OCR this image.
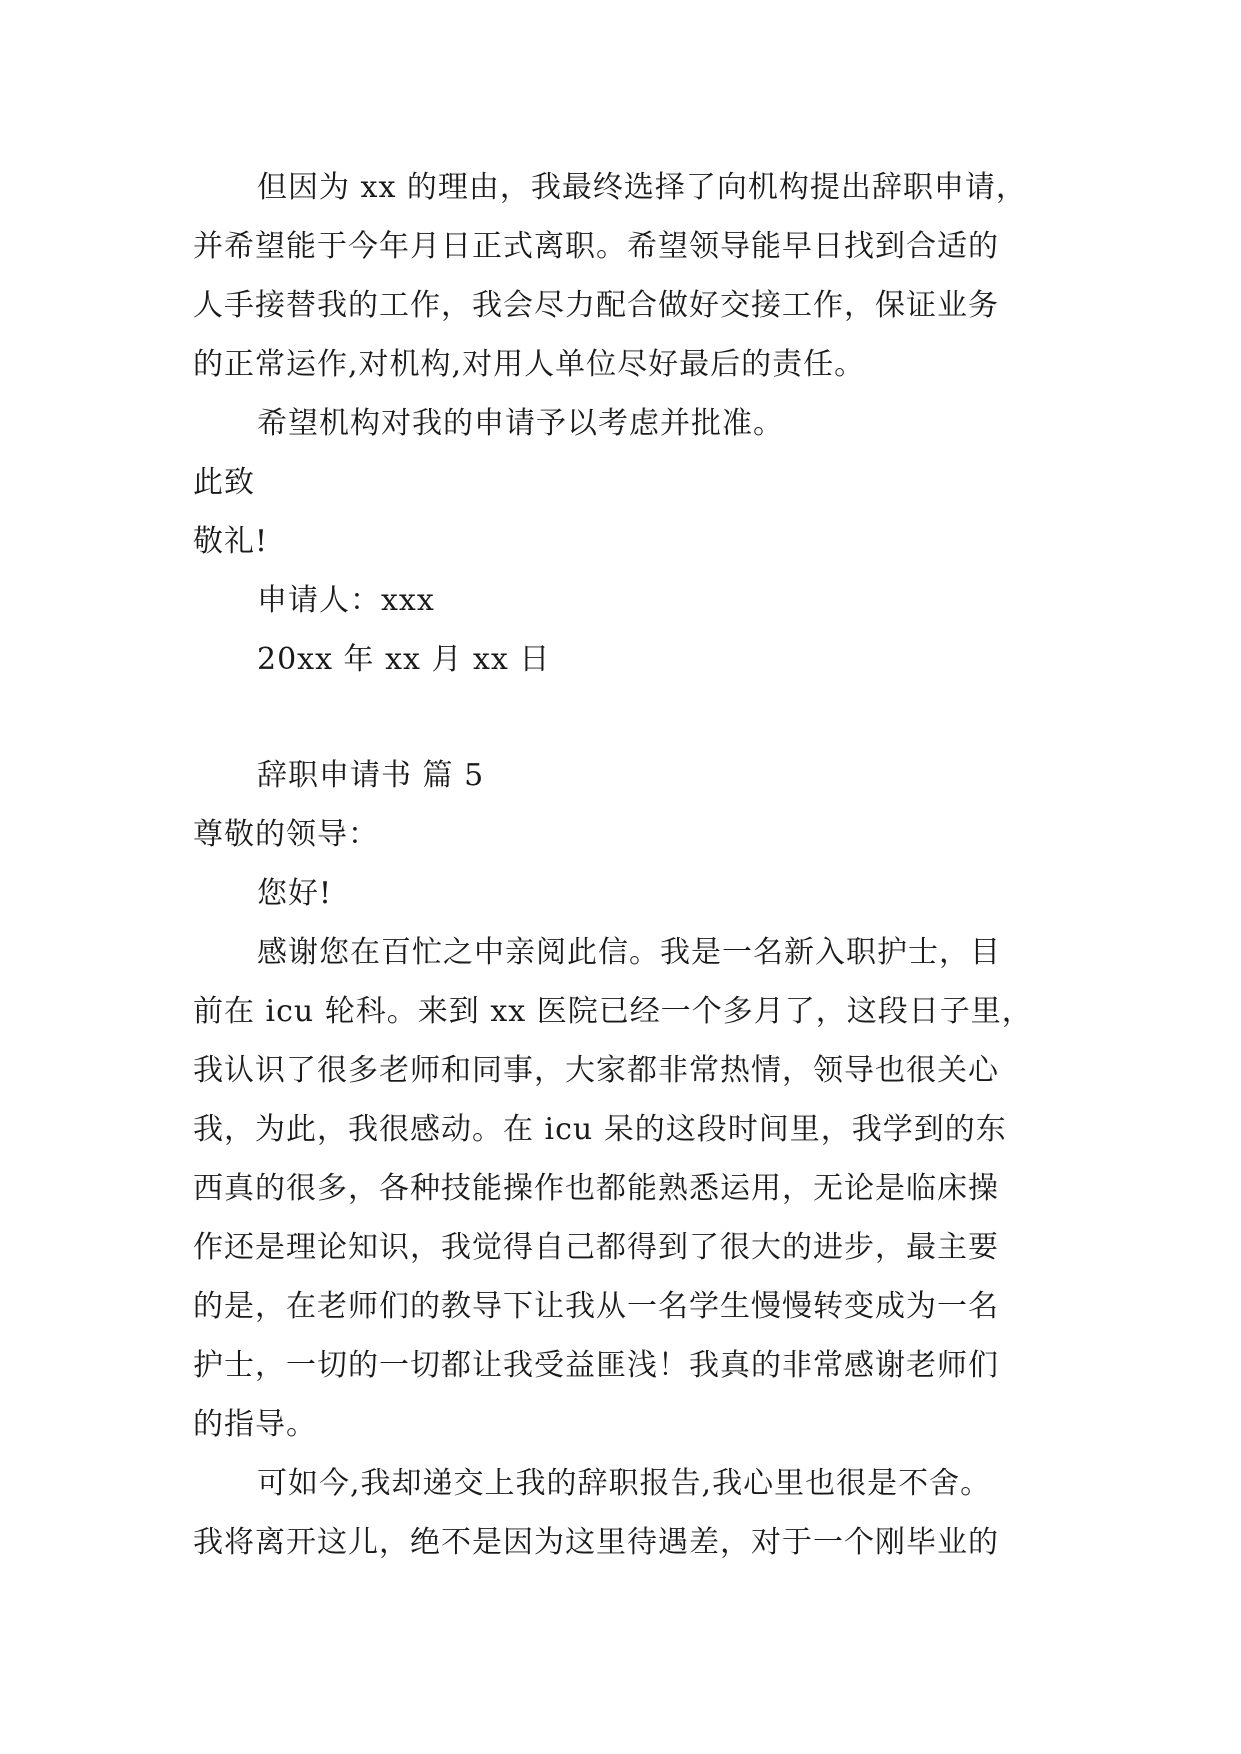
但因为 xx 的理由，我最终选择了向机构提出辞职申请，
并希望能于今年月日正式离职。希望领导能早日找到合适的
人手接替我的工作，我会尽力配合做好交接工作，保证业务
的正常运作,对机构,对用人单位尽好最后的责任。
希望机构对我的申请予以考虑并批准。
此致
敬礼!
申请人：xxx
20xx 年 xx 月 xx 日
辞职申请书 篇 5
尊敬的领导：
您好!
感谢您在百忙之中亲阅此信。我是一名新入职护士，目
前在 icu 轮科。来到 xx 医院已经一个多月了，这段日子里，
我认识了很多老师和同事，大家都非常热情，领导也很关心
我，为此，我很感动。在 icu 呆的这段时间里，我学到的东
西真的很多，各种技能操作也都能熟悉运用，无论是临床操
作还是理论知识，我觉得自己都得到了很大的进步，最主要
的是，在老师们的教导下让我从一名学生慢慢转变成为一名
护士，一切的一切都让我受益匪浅！我真的非常感谢老师们
的指导。
可如今,我却递交上我的辞职报告,我心里也很是不舍。
我将离开这儿，绝不是因为这里待遇差，对于一个刚毕业的
